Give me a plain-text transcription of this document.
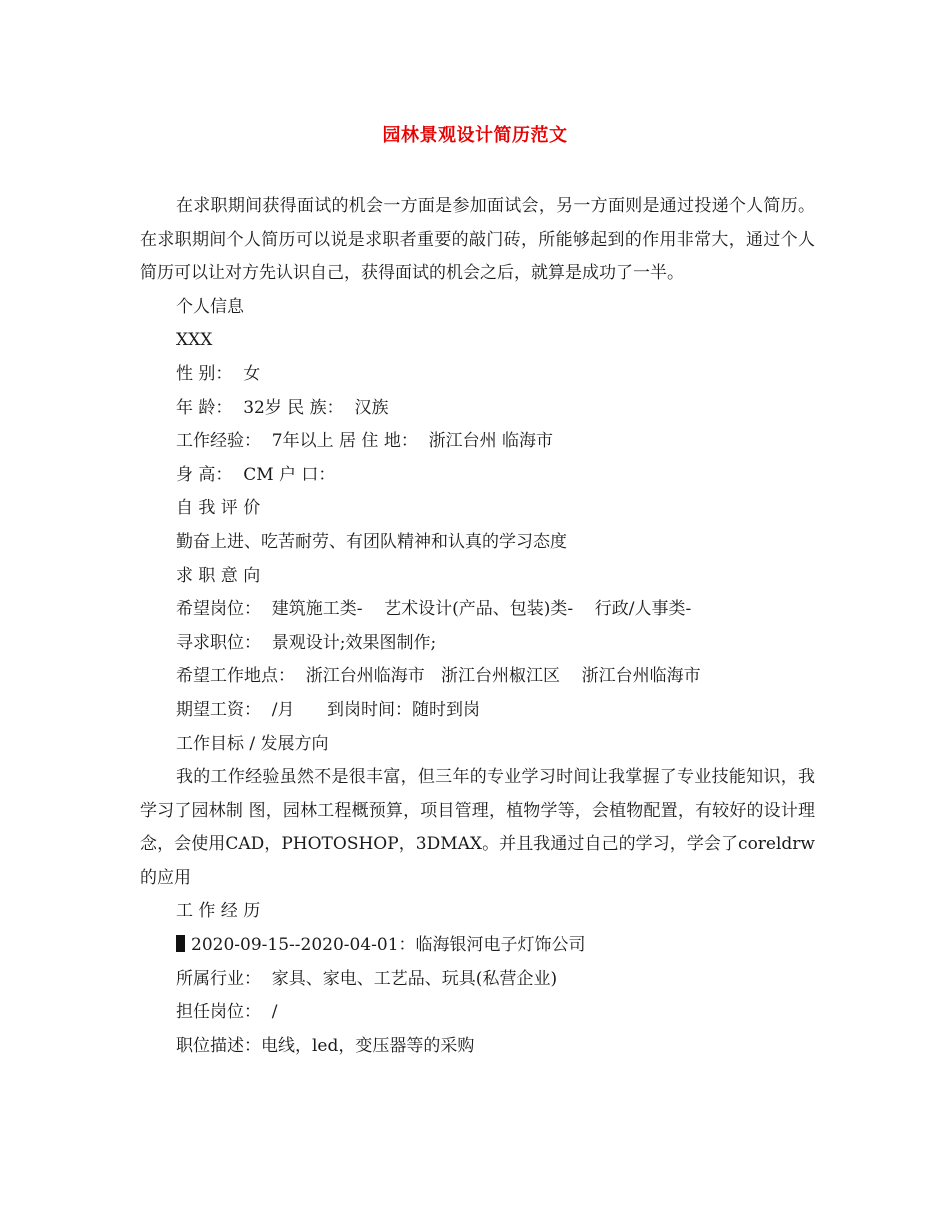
园林景观设计简历范文

在求职期间获得面试的机会一方面是参加面试会，另一方面则是通过投递个人简历。在求职期间个人简历可以说是求职者重要的敲门砖，所能够起到的作用非常大，通过个人简历可以让对方先认识自己，获得面试的机会之后，就算是成功了一半。

个人信息

XXX

性 别：  女

年 龄：  32岁 民 族：  汉族

工作经验：  7年以上 居 住 地：  浙江台州 临海市

身 高：  CM 户 口：

自 我 评 价

勤奋上进、吃苦耐劳、有团队精神和认真的学习态度

求 职 意 向

希望岗位：  建筑施工类-    艺术设计(产品、包装)类-    行政/人事类-

寻求职位：  景观设计;效果图制作;

希望工作地点：  浙江台州临海市   浙江台州椒江区    浙江台州临海市

期望工资：  /月      到岗时间：随时到岗

工作目标 / 发展方向

我的工作经验虽然不是很丰富，但三年的专业学习时间让我掌握了专业技能知识，我学习了园林制 图，园林工程概预算，项目管理，植物学等，会植物配置，有较好的设计理念，会使用CAD，PHOTOSHOP，3DMAX。并且我通过自己的学习，学会了coreldrw的应用

工 作 经 历

2020-09-15--2020-04-01：临海银河电子灯饰公司

所属行业：  家具、家电、工艺品、玩具(私营企业)

担任岗位：  /

职位描述：电线，led，变压器等的采购
